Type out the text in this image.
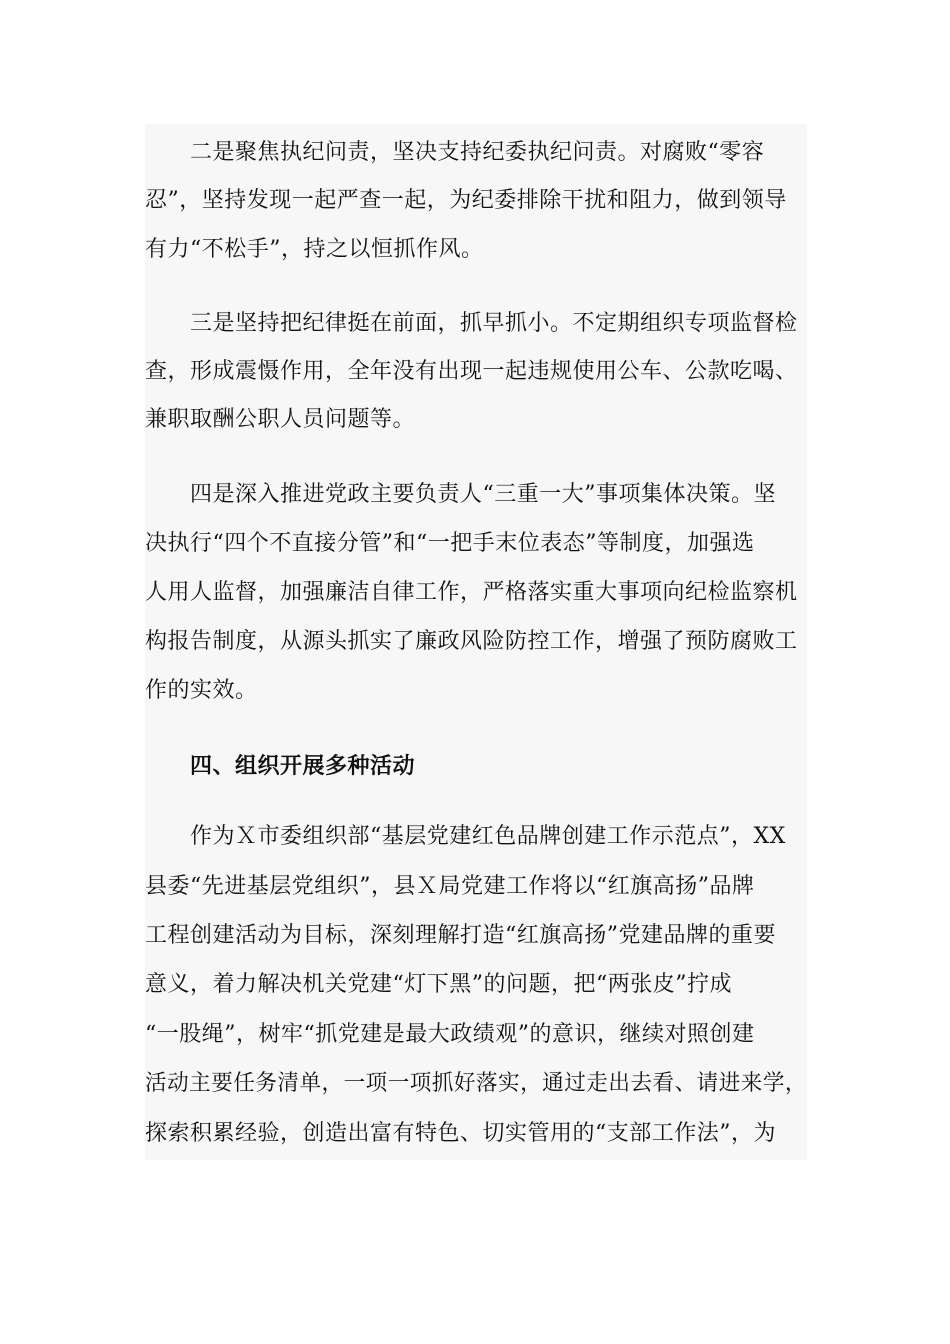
二是聚焦执纪问责，坚决支持纪委执纪问责。对腐败“零容
忍”，坚持发现一起严查一起，为纪委排除干扰和阻力，做到领导
有力“不松手”，持之以恒抓作风。
三是坚持把纪律挺在前面，抓早抓小。不定期组织专项监督检
查，形成震慑作用，全年没有出现一起违规使用公车、公款吃喝、
兼职取酬公职人员问题等。
四是深入推进党政主要负责人“三重一大”事项集体决策。坚
决执行“四个不直接分管”和“一把手末位表态”等制度，加强选
人用人监督，加强廉洁自律工作，严格落实重大事项向纪检监察机
构报告制度，从源头抓实了廉政风险防控工作，增强了预防腐败工
作的实效。
四、组织开展多种活动
作为Ｘ市委组织部“基层党建红色品牌创建工作示范点”，XX
县委“先进基层党组织”，县Ｘ局党建工作将以“红旗高扬”品牌
工程创建活动为目标，深刻理解打造“红旗高扬”党建品牌的重要
意义，着力解决机关党建“灯下黑”的问题，把“两张皮”拧成
“一股绳”，树牢“抓党建是最大政绩观”的意识，继续对照创建
活动主要任务清单，一项一项抓好落实，通过走出去看、请进来学，
探索积累经验，创造出富有特色、切实管用的“支部工作法”，为
